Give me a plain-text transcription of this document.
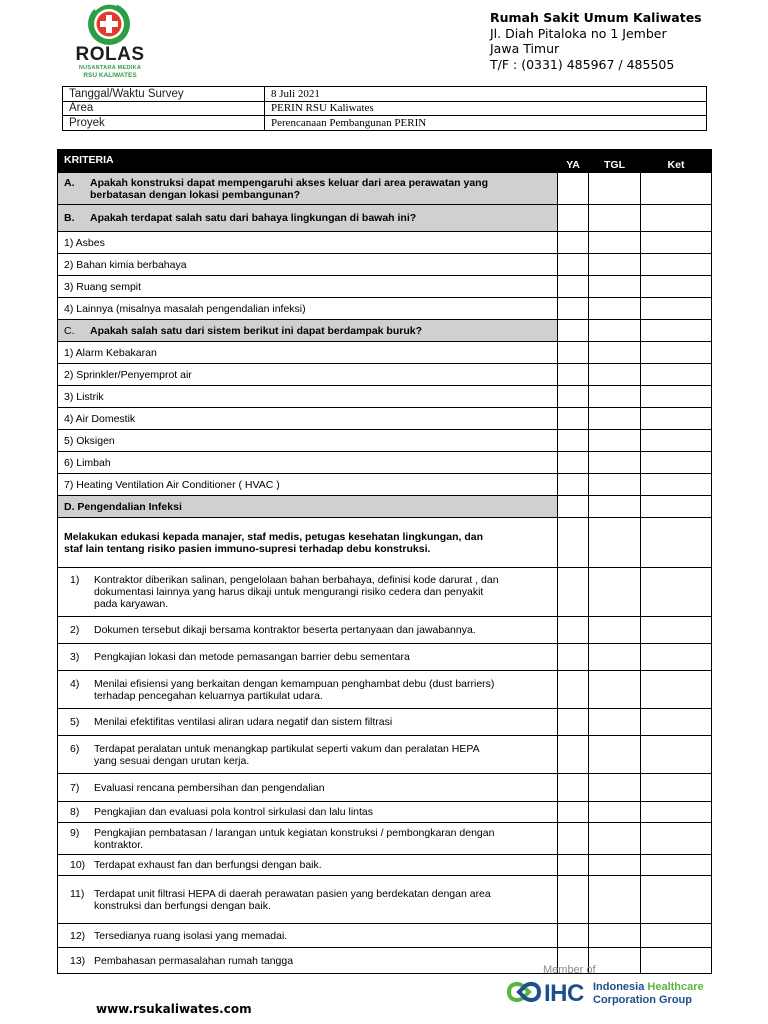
ROLAS
NUSANTARA MEDIKA
RSU KALIWATES
Rumah Sakit Umum Kaliwates
Jl. Diah Pitaloka no 1 Jember
Jawa Timur
T/F : (0331) 485967 / 485505
Tanggal/Waktu Survey	8 Juli 2021
Area	PERIN RSU Kaliwates
Proyek	Perencanaan Pembangunan PERIN
KRITERIA	YA	TGL	Ket

A. Apakah konstruksi dapat mempengaruhi akses keluar dari area perawatan yang
berbatasan dengan lokasi pembangunan?			

B. Apakah terdapat salah satu dari bahaya lingkungan di bawah ini?			

1) Asbes			
2) Bahan kimia berbahaya			
3) Ruang sempit			
4) Lainnya (misalnya masalah pengendalian infeksi)			

C. Apakah salah satu dari sistem berikut ini dapat berdampak buruk?			

1) Alarm Kebakaran			
2) Sprinkler/Penyemprot air			
3) Listrik			
4) Air Domestik			
5) Oksigen			
6) Limbah			
7) Heating Ventilation Air Conditioner ( HVAC )			
D. Pengendalian Infeksi			
Melakukan edukasi kepada manajer, staf medis, petugas kesehatan lingkungan, dan
staf lain tentang risiko pasien immuno-supresi terhadap debu konstruksi.			

1) Kontraktor diberikan salinan, pengelolaan bahan berbahaya, definisi kode darurat , dan
dokumentasi lainnya yang harus dikaji untuk mengurangi risiko cedera dan penyakit
pada karyawan.			

2) Dokumen tersebut dikaji bersama kontraktor beserta pertanyaan dan jawabannya.			

3) Pengkajian lokasi dan metode pemasangan barrier debu sementara			

4) Menilai efisiensi yang berkaitan dengan kemampuan penghambat debu (dust barriers)
terhadap pencegahan keluarnya partikulat udara.			

5) Menilai efektifitas ventilasi aliran udara negatif dan sistem filtrasi			

6) Terdapat peralatan untuk menangkap partikulat seperti vakum dan peralatan HEPA
yang sesuai dengan urutan kerja.			

7) Evaluasi rencana pembersihan dan pengendalian			

8) Pengkajian dan evaluasi pola kontrol sirkulasi dan lalu lintas			

9) Pengkajian pembatasan / larangan untuk kegiatan konstruksi / pembongkaran dengan
kontraktor.			

10) Terdapat exhaust fan dan berfungsi dengan baik.			

11) Terdapat unit filtrasi HEPA di daerah perawatan pasien yang berdekatan dengan area
konstruksi dan berfungsi dengan baik.			

12) Tersedianya ruang isolasi yang memadai.			

13) Pembahasan permasalahan rumah tangga			

www.rsukaliwates.com
Member of
IHC Indonesia Healthcare
Corporation Group
